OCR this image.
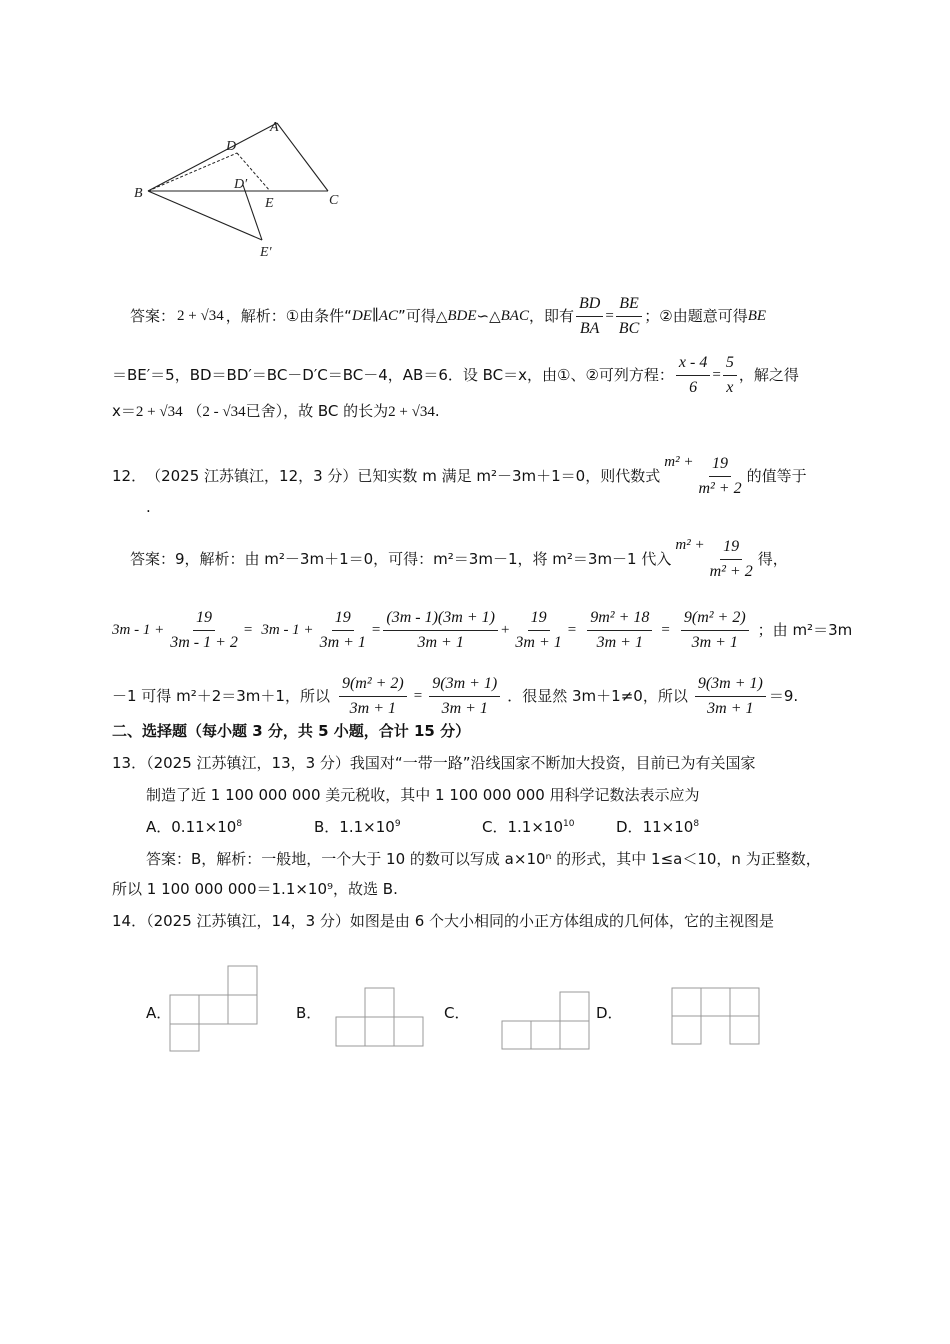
A
D
D′
B
E	C
E′
答案： 2 + √34 ，解析：①由条件“ DE∥AC ”可得△ BDE ∽△ BAC ，即有 $\frac{BD}{BA} = \frac{BE}{BC}$ ；②由题意可得 BE
＝BE′＝5，BD＝BD′＝BC－D′C＝BC－4，AB＝6．设 BC＝x，由①、②可列方程： $\frac{x - 4}{6} = \frac{5}{x}$ ，解之得
x＝2 + √34 （2 - √34已舍），故 BC 的长为2 + √34.
12． （2025 江苏镇江，12，3 分）已知实数 m 满足 m²－3m＋1＝0，则代数式
$m^2 + \frac{19}{\text{m² + 2}}$ 的值等于
.
答案：9，解析：由 m²－3m＋1＝0，可得：m²＝3m－1，将 m²＝3m－1 代入
$m^2 + \frac{19}{\text{m² + 2}}$ 得，
$3m - 1 + \frac{19}{3m - 1 + 2} = 3m - 1 + \frac{19}{3m + 1} = \frac{(3m - 1)(3m + 1)}{3m + 1} + \frac{19}{3m + 1} = \frac{\text{9m² + 18}}{3m + 1} = \frac{\text{9(m² + 2)}}{3m + 1}$ ；由 m²＝3m
－1 可得 m²＋2＝3m＋1，所以 $\frac{\text{9(m² + 2)}}{3m + 1} = \frac{9(3m + 1)}{3m + 1}$ ．很显然 3m＋1≠0，所以 $\frac{9(3m + 1)}{3m + 1} =9$.
二、选择题（每小题 3 分，共 5 小题，合计 15 分）
13．（2025 江苏镇江，13，3 分）我国对“一带一路”沿线国家不断加大投资，目前已为有关国家
制造了近 1 100 000 000 美元税收，其中 1 100 000 000 用科学记数法表示应为
A．$0.11\times 10^8$	B．$1.1\times 10^9$	C．$1.1\times 10^{10}$	D．$11\times 10^8$
答案：B，解析：一般地，一个大于 10 的数可以写成 a×10ⁿ 的形式，其中 1≤a＜10，n 为正整数，
所以 1 100 000 000＝1.1×10⁹，故选 B.
14．（2025 江苏镇江，14，3 分）如图是由 6 个大小相同的小正方体组成的几何体，它的主视图是
A．	B．	C．	D．
